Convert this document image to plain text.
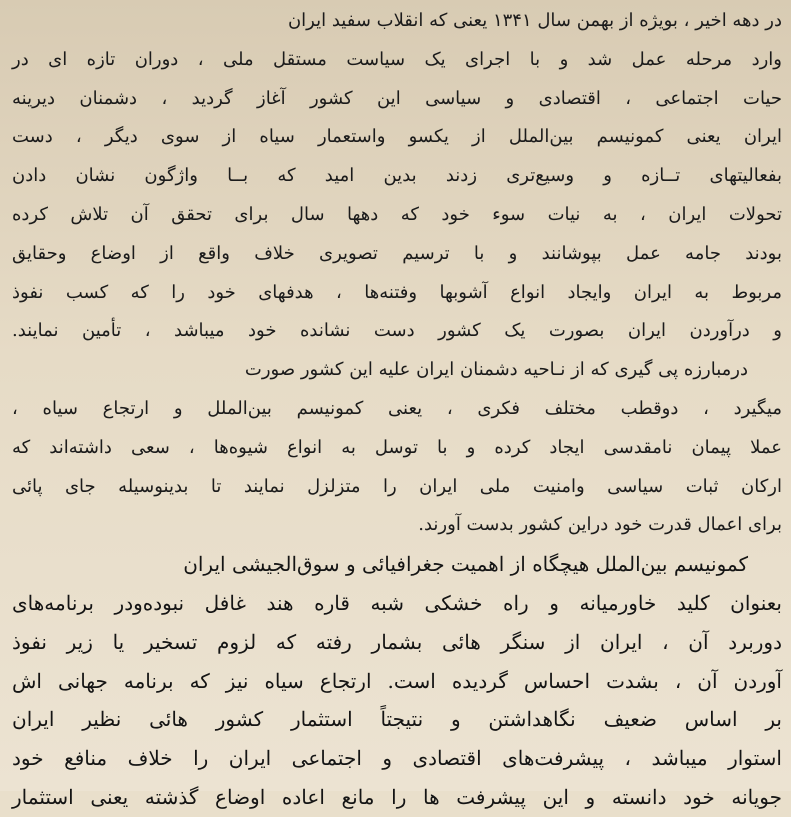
در دهه اخیر ، بویژه از بهمن سال ۱۳۴۱ یعنی که انقلاب سفید ایران
وارد مرحله عمل شد و با اجرای یک سیاست مستقل ملی ، دوران تازه ای در
حیات اجتماعی ، اقتصادی و سیاسی این کشور آغاز گردید ، دشمنان دیرینه
ایران یعنی کمونیسم بین‌الملل از یکسو واستعمار سیاه از سوی دیگر ، دست
بفعالیتهای تــازه و وسیع‌تری زدند بدین امید که بــا واژگون نشان دادن
تحولات ایران ، به نیات سوء خود که دهها سال برای تحقق آن تلاش کرده
بودند جامه عمل بپوشانند و با ترسیم تصویری خلاف واقع از اوضاع وحقایق
مربوط به ایران وایجاد انواع آشوبها وفتنه‌ها ، هدفهای خود را که کسب نفوذ
و درآوردن ایران بصورت یک کشور دست نشانده خود میباشد ، تأمین نمایند.
درمبارزه پی گیری که از نـاحیه دشمنان ایران علیه این کشور صورت
میگیرد ، دوقطب مختلف فکری ، یعنی کمونیسم بین‌الملل و ارتجاع سیاه ،
عملا پیمان نامقدسی ایجاد کرده و با توسل به انواع شیوه‌ها ، سعی داشته‌اند که
ارکان ثبات سیاسی وامنیت ملی ایران را متزلزل نمایند تا بدینوسیله جای پائی
برای اعمال قدرت خود دراین کشور بدست آورند.
کمونیسم بین‌الملل هیچگاه از اهمیت جغرافیائی و سوق‌الجیشی ایران
بعنوان کلید خاورمیانه و راه خشکی شبه قاره هند غافل نبوده‌ودر برنامه‌های
دوربرد آن ، ایران از سنگر هائی بشمار رفته که لزوم تسخیر یا زیر نفوذ
آوردن آن ، بشدت احساس گردیده است. ارتجاع سیاه نیز که برنامه جهانی اش
بر اساس ضعیف نگاهداشتن و نتیجتاً استثمار کشور هائی نظیر ایران
استوار میباشد ، پیشرفت‌های اقتصادی و اجتماعی ایران را خلاف منافع خود
جویانه خود دانسته و این پیشرفت ها را مانع اعاده اوضاع گذشته یعنی استثمار
